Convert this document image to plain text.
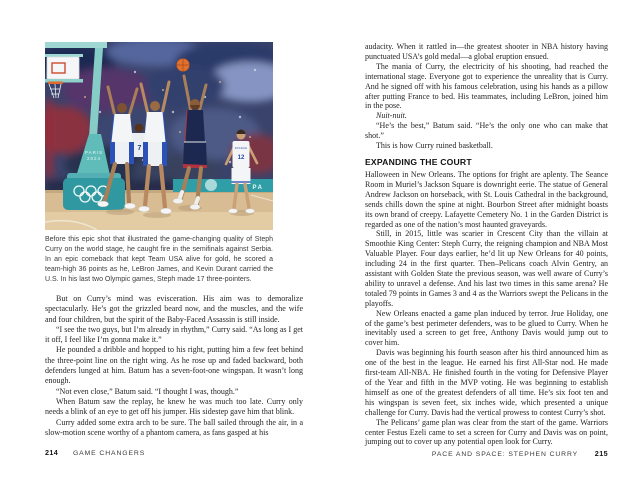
PA
PARIS
2024
7	FRANCE
12
Before this epic shot that illustrated the game-changing quality of Steph Curry on the world stage, he caught fire in the semifinals against Serbia. In an epic comeback that kept Team USA alive for gold, he scored a team-high 36 points as he, LeBron James, and Kevin Durant carried the U.S. In his last two Olympic games, Steph made 17 three-pointers.

But on Curry’s mind was evisceration. His aim was to demoralize spectacularly. He’s got the grizzled beard now, and the muscles, and the wife and four children, but the spirit of the Baby-Faced Assassin is still inside.

“I see the two guys, but I’m already in rhythm,” Curry said. “As long as I get it off, I feel like I’m gonna make it.”

He pounded a dribble and hopped to his right, putting him a few feet behind the three-point line on the right wing. As he rose up and faded backward, both defenders lunged at him. Batum has a seven-foot-one wingspan. It wasn’t long enough.

“Not even close,” Batum said. “I thought I was, though.”

When Batum saw the replay, he knew he was much too late. Curry only needs a blink of an eye to get off his jumper. His sidestep gave him that blink.

Curry added some extra arch to be sure. The ball sailed through the air, in a slow-motion scene worthy of a phantom camera, as fans gasped at his

audacity. When it rattled in—the greatest shooter in NBA history having punctuated USA’s gold medal—a global eruption ensued.

The mania of Curry, the electricity of his shooting, had reached the international stage. Everyone got to experience the unreality that is Curry. And he signed off with his famous celebration, using his hands as a pillow after putting France to bed. His teammates, including LeBron, joined him in the pose.

Nuit-nuit.

“He’s the best,” Batum said. “He’s the only one who can make that shot.”

This is how Curry ruined basketball.

EXPANDING THE COURT

Halloween in New Orleans. The options for fright are aplenty. The Seance Room in Muriel’s Jackson Square is downright eerie. The statue of General Andrew Jackson on horseback, with St. Louis Cathedral in the background, sends chills down the spine at night. Bourbon Street after midnight boasts its own brand of creepy. Lafayette Cemetery No. 1 in the Garden District is regarded as one of the nation’s most haunted graveyards.

Still, in 2015, little was scarier in Crescent City than the villain at Smoothie King Center: Steph Curry, the reigning champion and NBA Most Valuable Player. Four days earlier, he’d lit up New Orleans for 40 points, including 24 in the first quarter. Then–Pelicans coach Alvin Gentry, an assistant with Golden State the previous season, was well aware of Curry’s ability to unravel a defense. And his last two times in this same arena? He totaled 79 points in Games 3 and 4 as the Warriors swept the Pelicans in the playoffs.

New Orleans enacted a game plan induced by terror. Jrue Holiday, one of the game’s best perimeter defenders, was to be glued to Curry. When he inevitably used a screen to get free, Anthony Davis would jump out to cover him.

Davis was beginning his fourth season after his third announced him as one of the best in the league. He earned his first All-Star nod. He made first-team All-NBA. He finished fourth in the voting for Defensive Player of the Year and fifth in the MVP voting. He was beginning to establish himself as one of the greatest defenders of all time. He’s six foot ten and his wingspan is seven feet, six inches wide, which presented a unique challenge for Curry. Davis had the vertical prowess to contest Curry’s shot.

The Pelicans’ game plan was clear from the start of the game. Warriors center Festus Ezeli came to set a screen for Curry and Davis was on point, jumping out to cover up any potential open look for Curry.

214 GAME CHANGERS	PACE AND SPACE: STEPHEN CURRY 215
